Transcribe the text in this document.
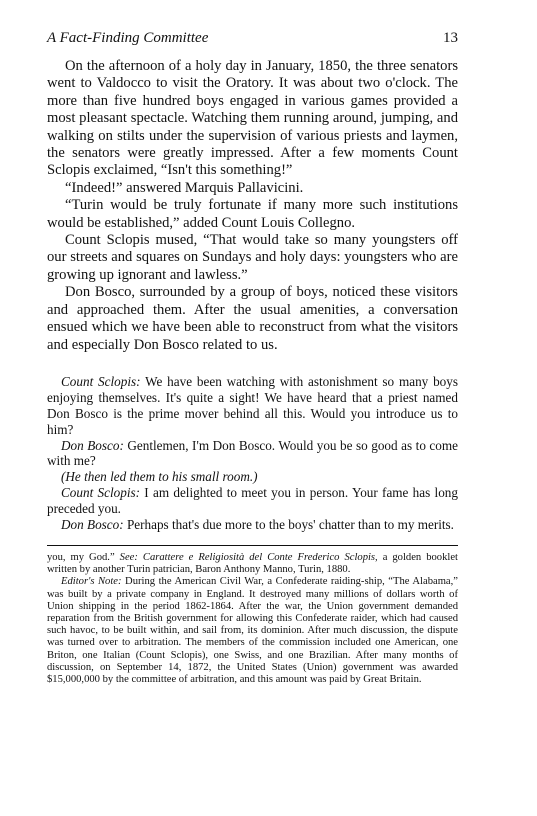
A Fact-Finding Committee	13

On the afternoon of a holy day in January, 1850, the three senators went to Valdocco to visit the Oratory. It was about two o'clock. The more than five hundred boys engaged in various games provided a most pleasant spectacle. Watching them running around, jumping, and walking on stilts under the supervision of various priests and laymen, the senators were greatly impressed. After a few moments Count Sclopis exclaimed, “Isn't this something!”

“Indeed!” answered Marquis Pallavicini.

“Turin would be truly fortunate if many more such institutions would be established,” added Count Louis Collegno.

Count Sclopis mused, “That would take so many youngsters off our streets and squares on Sundays and holy days: youngsters who are growing up ignorant and lawless.”

Don Bosco, surrounded by a group of boys, noticed these visitors and approached them. After the usual amenities, a conversation ensued which we have been able to reconstruct from what the visitors and especially Don Bosco related to us.

Count Sclopis: We have been watching with astonishment so many boys enjoying themselves. It's quite a sight! We have heard that a priest named Don Bosco is the prime mover behind all this. Would you introduce us to him?

Don Bosco: Gentlemen, I'm Don Bosco. Would you be so good as to come with me?

(He then led them to his small room.)

Count Sclopis: I am delighted to meet you in person. Your fame has long preceded you.

Don Bosco: Perhaps that's due more to the boys' chatter than to my merits.

you, my God.” See: Carattere e Religiosità del Conte Frederico Sclopis, a golden booklet written by another Turin patrician, Baron Anthony Manno, Turin, 1880.

Editor's Note: During the American Civil War, a Confederate raiding-ship, “The Alabama,” was built by a private company in England. It destroyed many millions of dollars worth of Union shipping in the period 1862-1864. After the war, the Union government demanded reparation from the British government for allowing this Confederate raider, which had caused such havoc, to be built within, and sail from, its dominion. After much discussion, the dispute was turned over to arbitration. The members of the commission included one American, one Briton, one Italian (Count Sclopis), one Swiss, and one Brazilian. After many months of discussion, on September 14, 1872, the United States (Union) government was awarded $15,000,000 by the committee of arbitration, and this amount was paid by Great Britain.
